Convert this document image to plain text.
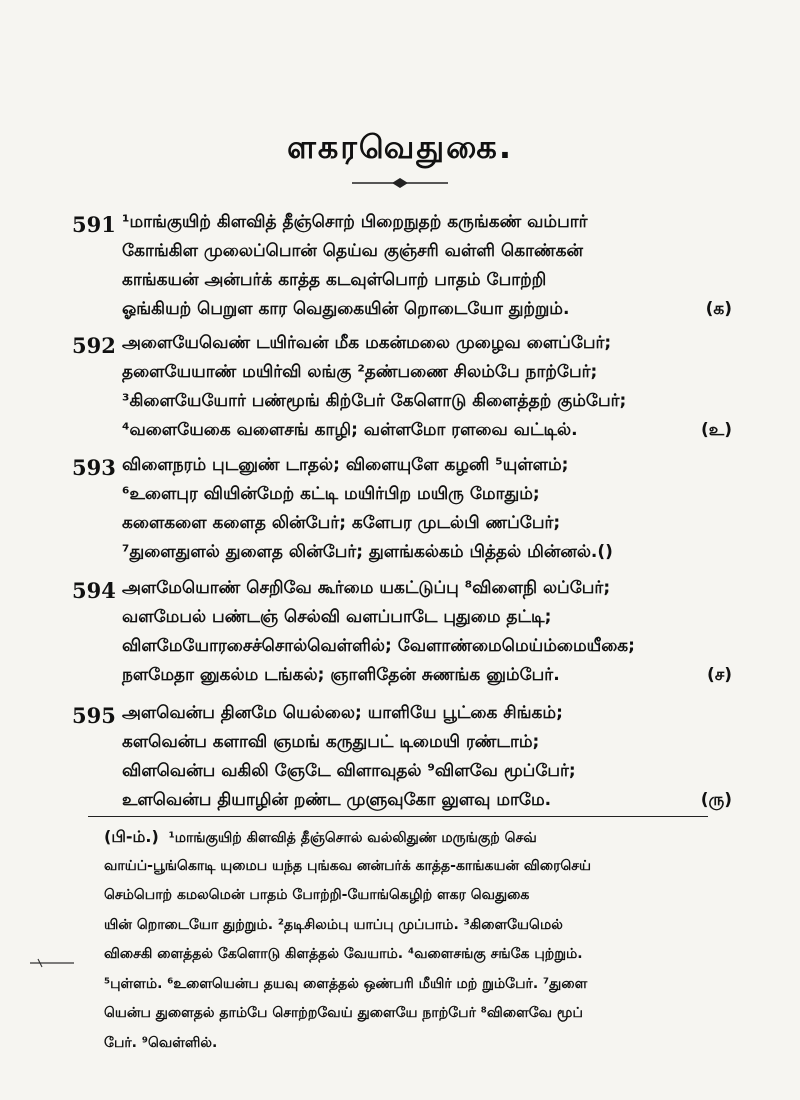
ளகரவெதுகை.
591 ¹மாங்குயிற் கிளவித் தீஞ்சொற் பிறைநுதற் கருங்கண் வம்பார்
கோங்கிள முலைப்பொன் தெய்வ குஞ்சரி வள்ளி கொண்கன்
காங்கயன் அன்பர்க் காத்த கடவுள்பொற் பாதம் போற்றி
ஓங்கியற் பெறுள கார வெதுகையின் றொடையோ துற்றும்.	(க)
592 அளையேவெண் டயிர்வன் மீக மகன்மலை முழைவ ளைப்பேர்;
தளையேயாண் மயிர்வி லங்கு ²தண்பணை சிலம்பே நாற்பேர்;
³கிளையேயோர் பண்மூங் கிற்பேர் கேளொடு கிளைத்தற் கும்பேர்;
⁴வளையேகை வளைசங் காழி; வள்ளமோ ரளவை வட்டில்.	(உ)
593 விளைநரம் புடனுண் டாதல்; விளையுளே கழனி ⁵யுள்ளம்;
⁶உளைபுர வியின்மேற் கட்டி மயிர்பிற மயிரு மோதும்;
களைகளை களைத லின்பேர்; களேபர முடல்பி ணப்பேர்;
⁷துளைதுளல் துளைத லின்பேர்; துளங்கல்கம் பித்தல் மின்னல்.()
594 அளமேயொண் செறிவே கூர்மை யகட்டுப்பு ⁸விளைநி லப்பேர்;
வளமேபல் பண்டஞ் செல்வி வளப்பாடே புதுமை தட்டி;
விளமேயோரசைச்சொல்வெள்ளில்; வேளாண்மைமெய்ம்மையீகை;
நளமேதா னுகல்ம டங்கல்; ஞாளிதேன் சுணங்க னும்பேர்.	(ச)
595 அளவென்ப தினமே யெல்லை; யாளியே பூட்கை சிங்கம்;
களவென்ப களாவி ஞமங் கருதுபட் டிமையி ரண்டாம்;
விளவென்ப வகிலி ஞேடே விளாவுதல் ⁹விளவே மூப்பேர்;
உளவென்ப தியாழின் றண்ட முளுவுகோ லுளவு மாமே.	(ரு)
(பி-ம்.) ¹மாங்குயிற் கிளவித் தீஞ்சொல் வல்லிதுண் மருங்குற் செவ்
வாய்ப்-பூங்கொடி யுமைப யந்த புங்கவ னன்பர்க் காத்த-காங்கயன் விரைசெய்
செம்பொற் கமலமென் பாதம் போற்றி-யோங்கெழிற் ளகர வெதுகை
யின் றொடையோ துற்றும். ²தடிசிலம்பு யாப்பு முப்பாம். ³கிளையேமெல்
விசைகி ளைத்தல் கேளொடு கிளத்தல் வேயாம். ⁴வளைசங்கு சங்கே புற்றும்.
⁵புள்ளம். ⁶உளையென்ப தயவு ளைத்தல் ஒண்பரி மீயிர் மற் றும்பேர். ⁷துளை
யென்ப துளைதல் தாம்பே சொற்றவேய் துளையே நாற்பேர் ⁸விளைவே மூப்
பேர். ⁹வெள்ளில்.
